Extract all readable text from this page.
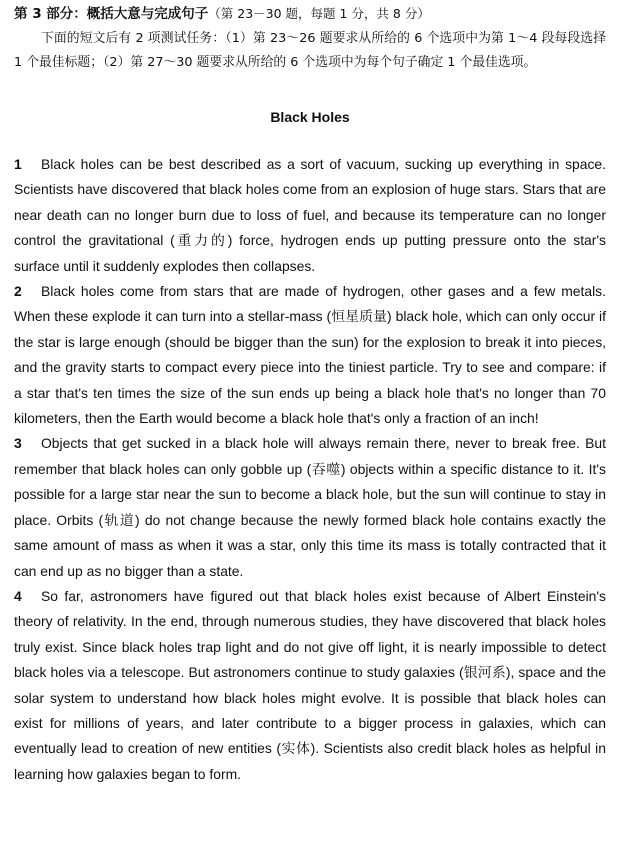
第 3 部分：概括大意与完成句子（第 23－30 题，每题 1 分，共 8 分）

下面的短文后有 2 项测试任务：（1）第 23～26 题要求从所给的 6 个选项中为第 1～4 段每段选择 1 个最佳标题；（2）第 27～30 题要求从所给的 6 个选项中为每个句子确定 1 个最佳选项。

Black Holes

1 Black holes can be best described as a sort of vacuum, sucking up everything in space. Scientists have discovered that black holes come from an explosion of huge stars. Stars that are near death can no longer burn due to loss of fuel, and because its temperature can no longer control the gravitational (重力的) force, hydrogen ends up putting pressure onto the star's surface until it suddenly explodes then collapses.

2 Black holes come from stars that are made of hydrogen, other gases and a few metals. When these explode it can turn into a stellar-mass (恒星质量) black hole, which can only occur if the star is large enough (should be bigger than the sun) for the explosion to break it into pieces, and the gravity starts to compact every piece into the tiniest particle. Try to see and compare: if a star that's ten times the size of the sun ends up being a black hole that's no longer than 70 kilometers, then the Earth would become a black hole that's only a fraction of an inch!

3 Objects that get sucked in a black hole will always remain there, never to break free. But remember that black holes can only gobble up (吞噬) objects within a specific distance to it. It's possible for a large star near the sun to become a black hole, but the sun will continue to stay in place. Orbits (轨道) do not change because the newly formed black hole contains exactly the same amount of mass as when it was a star, only this time its mass is totally contracted that it can end up as no bigger than a state.

4 So far, astronomers have figured out that black holes exist because of Albert Einstein's theory of relativity. In the end, through numerous studies, they have discovered that black holes truly exist. Since black holes trap light and do not give off light, it is nearly impossible to detect black holes via a telescope. But astronomers continue to study galaxies (银河系), space and the solar system to understand how black holes might evolve. It is possible that black holes can exist for millions of years, and later contribute to a bigger process in galaxies, which can eventually lead to creation of new entities (实体). Scientists also credit black holes as helpful in learning how galaxies began to form.
